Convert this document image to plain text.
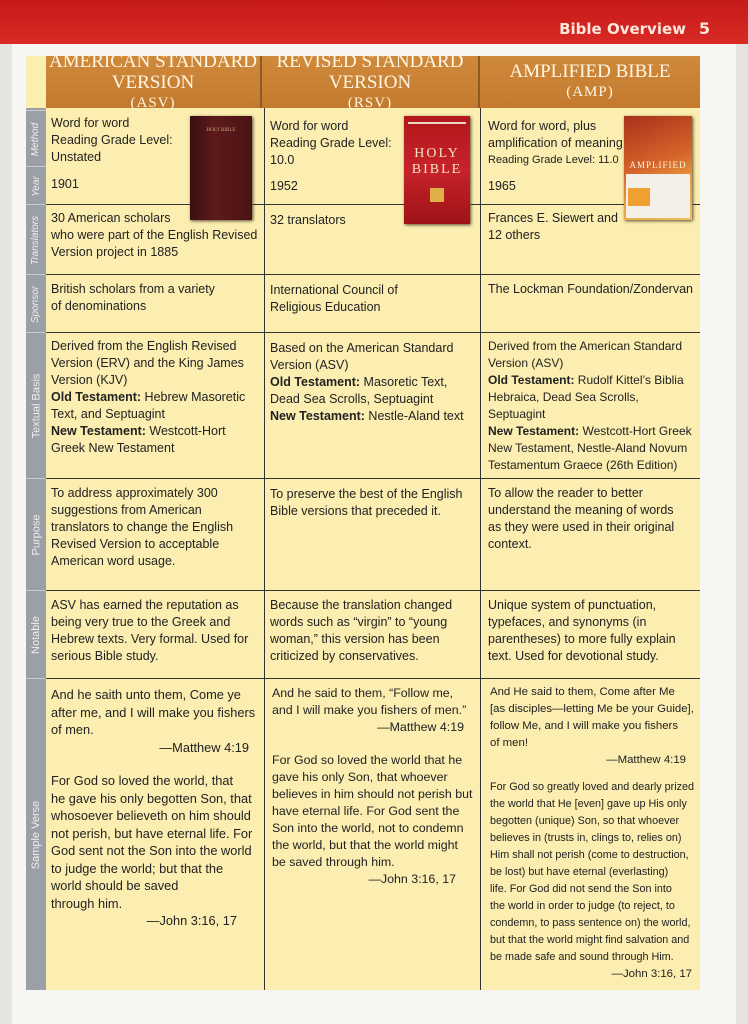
Bible Overview 5
AMERICAN STANDARD VERSION
(ASV)
REVISED STANDARD VERSION
(RSV)
AMPLIFIED BIBLE
(AMP)
Method
Year
Translators
Sponsor
Textual Basis
Purpose
Notable
Sample Verse
Word for word
Reading Grade Level:
Unstated
1901
HOLY BIBLE
30 American scholars
who were part of the English Revised
Version project in 1885
British scholars from a variety
of denominations
Derived from the English Revised
Version (ERV) and the King James
Version (KJV)
Old Testament: Hebrew Masoretic
Text, and Septuagint
New Testament: Westcott-Hort
Greek New Testament
To address approximately 300
suggestions from American
translators to change the English
Revised Version to acceptable
American word usage.
ASV has earned the reputation as
being very true to the Greek and
Hebrew texts. Very formal. Used for
serious Bible study.
And he saith unto them, Come ye
after me, and I will make you fishers
of men.
—Matthew 4:19
For God so loved the world, that
he gave his only begotten Son, that
whosoever believeth on him should
not perish, but have eternal life. For
God sent not the Son into the world
to judge the world; but that the
world should be saved
through him.
—John 3:16, 17
Word for word
Reading Grade Level:
10.0
1952
HOLY
BIBLE
32 translators
International Council of
Religious Education
Based on the American Standard
Version (ASV)
Old Testament: Masoretic Text,
Dead Sea Scrolls, Septuagint
New Testament: Nestle-Aland text
To preserve the best of the English
Bible versions that preceded it.
Because the translation changed
words such as “virgin” to “young
woman,” this version has been
criticized by conservatives.
And he said to them, “Follow me,
and I will make you fishers of men.”
—Matthew 4:19
For God so loved the world that he
gave his only Son, that whoever
believes in him should not perish but
have eternal life. For God sent the
Son into the world, not to condemn
the world, but that the world might
be saved through him.
—John 3:16, 17
Word for word, plus
amplification of meaning
Reading Grade Level: 11.0
1965
AMPLIFIED
Frances E. Siewert and
12 others
The Lockman Foundation/Zondervan
Derived from the American Standard
Version (ASV)
Old Testament: Rudolf Kittel’s Biblia
Hebraica, Dead Sea Scrolls, Septuagint
New Testament: Westcott-Hort Greek
New Testament, Nestle-Aland Novum
Testamentum Graece (26th Edition)
To allow the reader to better
understand the meaning of words
as they were used in their original
context.
Unique system of punctuation,
typefaces, and synonyms (in
parentheses) to more fully explain
text. Used for devotional study.
And He said to them, Come after Me
[as disciples—letting Me be your Guide],
follow Me, and I will make you fishers
of men!
—Matthew 4:19
For God so greatly loved and dearly prized
the world that He [even] gave up His only
begotten (unique) Son, so that whoever
believes in (trusts in, clings to, relies on)
Him shall not perish (come to destruction,
be lost) but have eternal (everlasting)
life. For God did not send the Son into
the world in order to judge (to reject, to
condemn, to pass sentence on) the world,
but that the world might find salvation and
be made safe and sound through Him.
—John 3:16, 17
